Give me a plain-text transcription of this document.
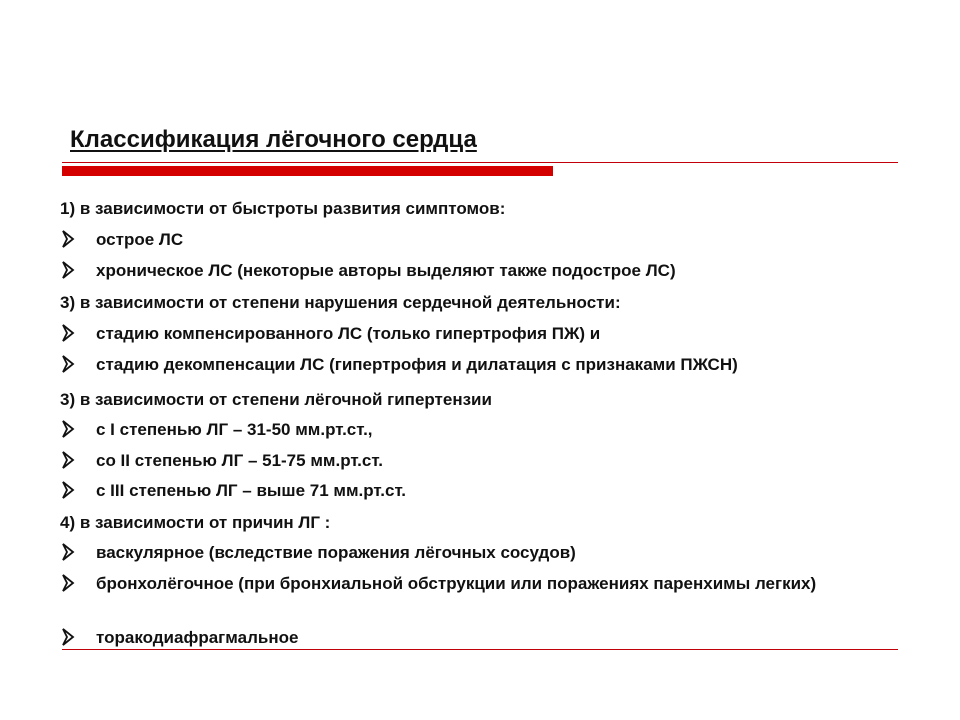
Классификация лёгочного сердца
1) в зависимости от быстроты развития симптомов:
острое ЛС
хроническое ЛС (некоторые авторы выделяют также подострое ЛС)
3) в зависимости от степени нарушения сердечной деятельности:
стадию компенсированного ЛС (только гипертрофия ПЖ) и
стадию декомпенсации ЛС (гипертрофия и дилатация с признаками ПЖСН)
3) в зависимости от степени лёгочной гипертензии
с I степенью ЛГ – 31-50 мм.рт.ст.,
со II степенью ЛГ – 51-75 мм.рт.ст.
с III степенью ЛГ – выше 71 мм.рт.ст.
4) в зависимости от причин ЛГ :
васкулярное (вследствие поражения лёгочных сосудов)
бронхолёгочное (при бронхиальной обструкции или поражениях паренхимы легких)
торакодиафрагмальное
